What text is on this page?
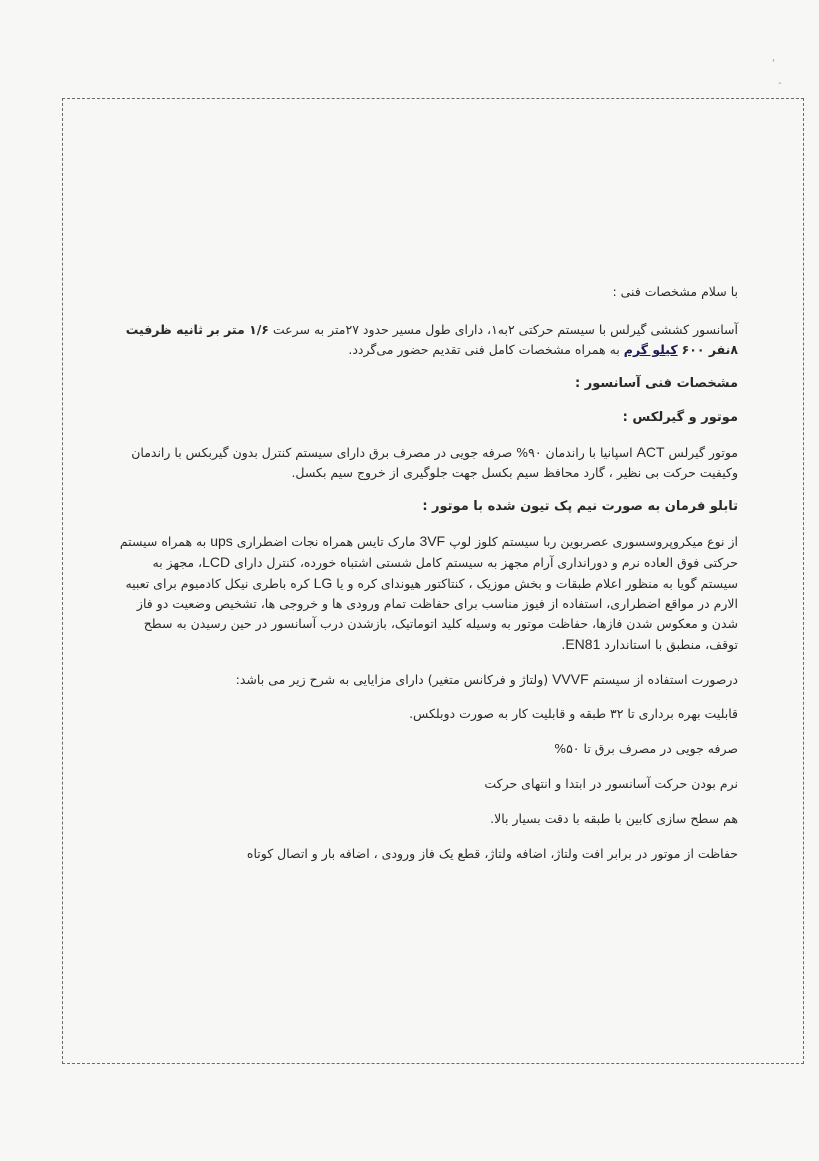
'
-

با سلام مشخصات فنی :

آسانسور کششی گیرلس با سیستم حرکتی ۲به۱، دارای طول مسیر حدود ۲۷متر به سرعت ۱/۶ متر بر ثانیه ظرفیت ۸نفر ۶۰۰ کیلو گرم به همراه مشخصات کامل فنی تقدیم حضور می‌گردد.

مشخصات فنی آسانسور :

موتور و گیرلکس :

موتور گیرلس ACT اسپانیا با راندمان ۹۰% صرفه جویی در مصرف برق دارای سیستم کنترل بدون گیربکس با راندمان وکیفیت حرکت بی نظیر ، گارد محافظ سیم بکسل جهت جلوگیری از خروج سیم بکسل.

تابلو فرمان به صورت نیم پک تیون شده با موتور :

از نوع میکروپروسسوری عصربوین ربا سیستم کلوز لوپ 3VF مارک تایس همراه نجات اضطراری ups به همراه سیستم حرکتی فوق العاده نرم و دورانداری آرام مجهز به سیستم کامل شستی اشتباه خورده، کنترل دارای LCD، مجهز به سیستم گویا به منظور اعلام طبقات و بخش موزیک ، کنتاکتور هیوندای کره و یا LG کره باطری نیکل کادمیوم برای تعبیه الارم در مواقع اضطراری، استفاده از فیوز مناسب برای حفاظت تمام ورودی ها و خروجی ها، تشخیص وضعیت دو فاز شدن و معکوس شدن فازها، حفاظت موتور به وسیله کلید اتوماتیک، بازشدن درب آسانسور در حین رسیدن به سطح توقف، منطبق با استاندارد EN81.

درصورت استفاده از سیستم VVVF (ولتاژ و فرکانس متغیر) دارای مزایایی به شرح زیر می باشد:

قابلیت بهره برداری تا ۳۲ طبقه و قابلیت کار به صورت دوبلکس.

صرفه جویی در مصرف برق تا ۵۰%

نرم بودن حرکت آسانسور در ابتدا و انتهای حرکت

هم سطح سازی کابین با طبقه با دقت بسیار بالا.

حفاظت از موتور در برابر افت ولتاژ، اضافه ولتاژ، قطع یک فاز ورودی ، اضافه بار و اتصال کوتاه
